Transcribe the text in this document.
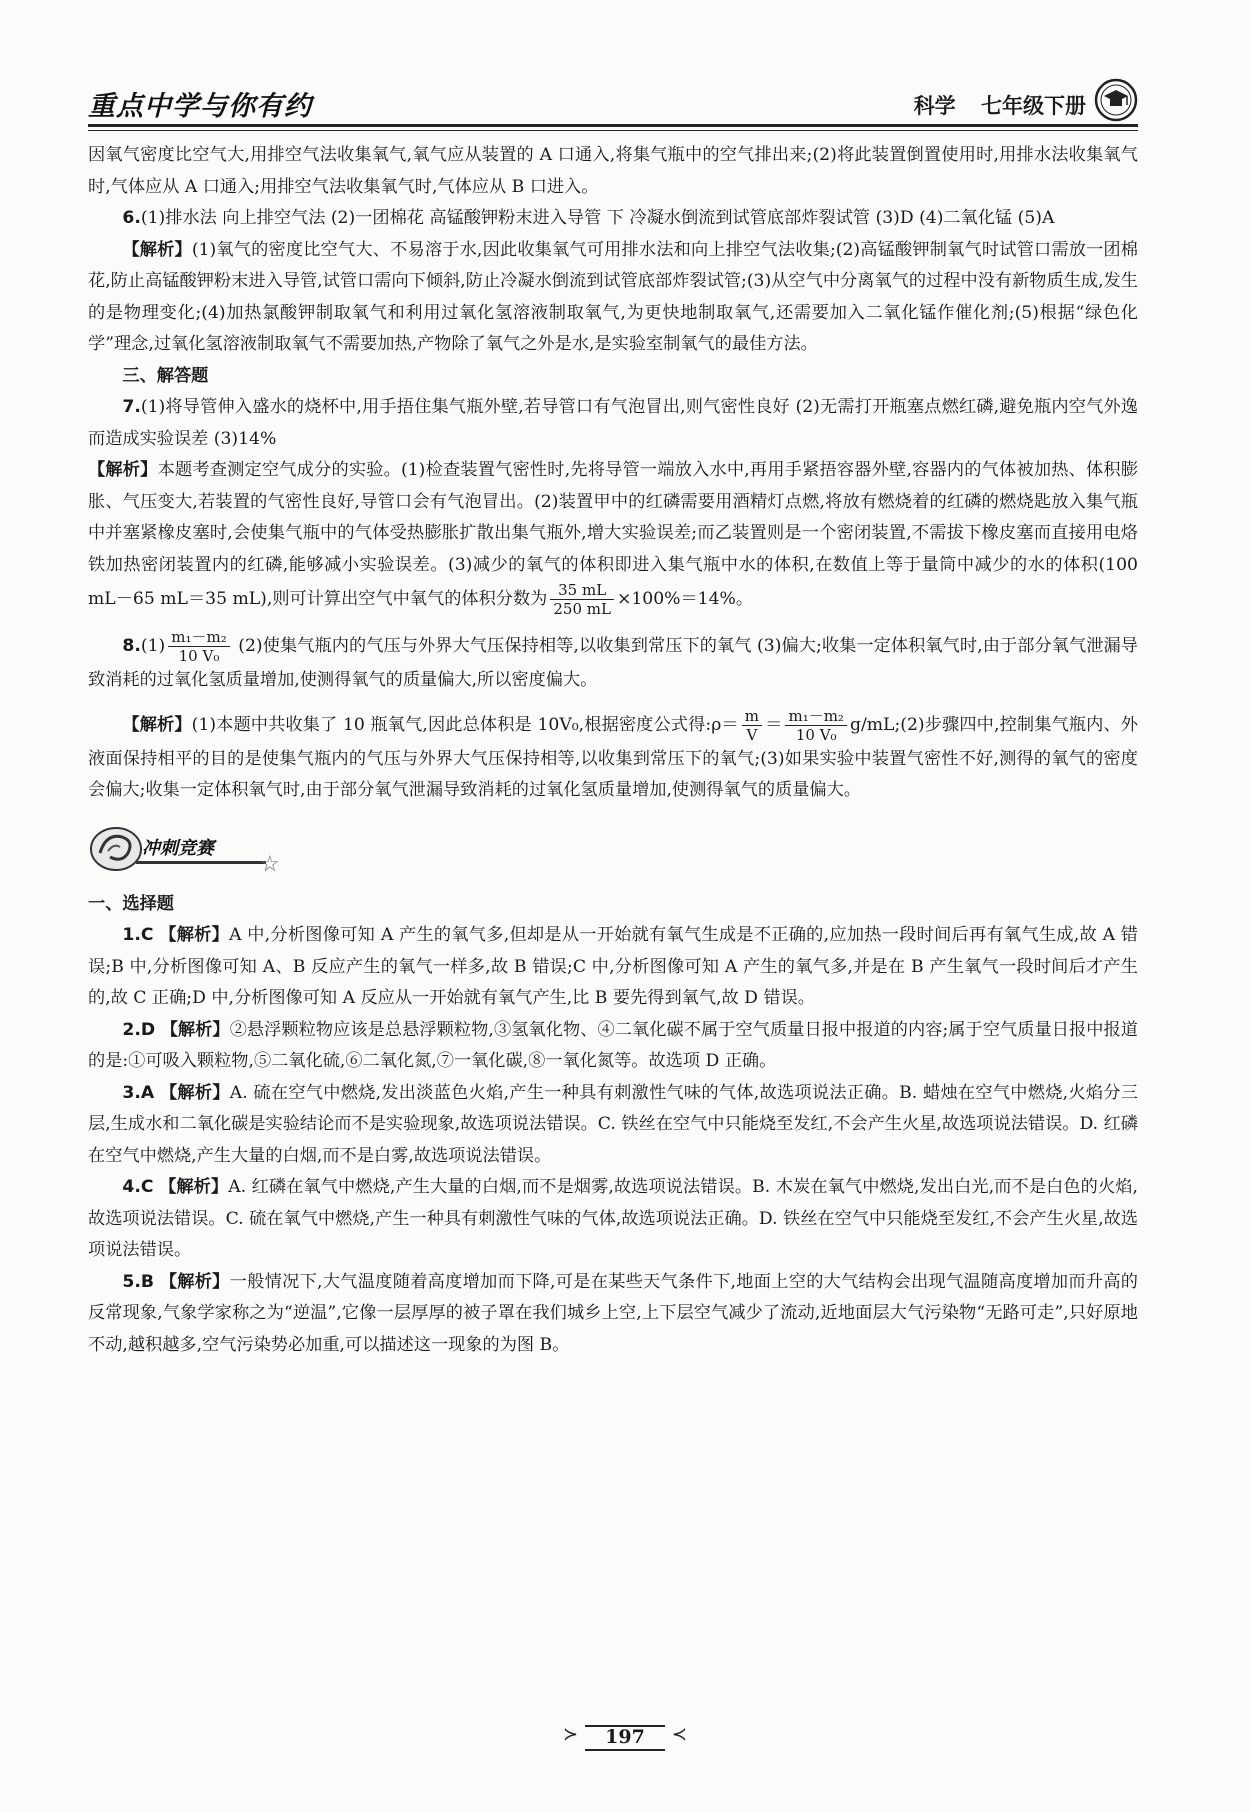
重点中学与你有约	科学 七年级下册

因氧气密度比空气大,用排空气法收集氧气,氧气应从装置的 A 口通入,将集气瓶中的空气排出来;(2)将此装置倒置使用时,用排水法收集氧气时,气体应从 A 口通入;用排空气法收集氧气时,气体应从 B 口进入。

6.(1)排水法 向上排空气法 (2)一团棉花 高锰酸钾粉末进入导管 下 冷凝水倒流到试管底部炸裂试管 (3)D (4)二氧化锰 (5)A

【解析】(1)氧气的密度比空气大、不易溶于水,因此收集氧气可用排水法和向上排空气法收集;(2)高锰酸钾制氧气时试管口需放一团棉花,防止高锰酸钾粉末进入导管,试管口需向下倾斜,防止冷凝水倒流到试管底部炸裂试管;(3)从空气中分离氧气的过程中没有新物质生成,发生的是物理变化;(4)加热氯酸钾制取氧气和利用过氧化氢溶液制取氧气,为更快地制取氧气,还需要加入二氧化锰作催化剂;(5)根据“绿色化学”理念,过氧化氢溶液制取氧气不需要加热,产物除了氧气之外是水,是实验室制氧气的最佳方法。

三、解答题

7.(1)将导管伸入盛水的烧杯中,用手捂住集气瓶外壁,若导管口有气泡冒出,则气密性良好 (2)无需打开瓶塞点燃红磷,避免瓶内空气外逸而造成实验误差 (3)14%

【解析】本题考查测定空气成分的实验。(1)检查装置气密性时,先将导管一端放入水中,再用手紧捂容器外壁,容器内的气体被加热、体积膨胀、气压变大,若装置的气密性良好,导管口会有气泡冒出。(2)装置甲中的红磷需要用酒精灯点燃,将放有燃烧着的红磷的燃烧匙放入集气瓶中并塞紧橡皮塞时,会使集气瓶中的气体受热膨胀扩散出集气瓶外,增大实验误差;而乙装置则是一个密闭装置,不需拔下橡皮塞而直接用电烙铁加热密闭装置内的红磷,能够减小实验误差。(3)减少的氧气的体积即进入集气瓶中水的体积,在数值上等于量筒中减少的水的体积(100 mL－65 mL＝35 mL),则可计算出空气中氧气的体积分数为 $\frac{35 mL}{250 mL} \times 100\%=14\%$。

$8.(1) \frac{\text{m₁－m₂}}{\text{10 V₀}} (2)$使集气瓶内的气压与外界大气压保持相等,以收集到常压下的氧气 (3)偏大;收集一定体积氧气时,由于部分氧气泄漏导致消耗的过氧化氢质量增加,使测得氧气的质量偏大,所以密度偏大。

【解析】(1)本题中共收集了 10 瓶氧气,因此总体积是 10V₀,根据密度公式得:ρ＝ $\frac{m}{V} = \frac{\text{m₁－m₂}}{\text{10 V₀}}$ g/mL;(2)步骤四中,控制集气瓶内、外液面保持相平的目的是使集气瓶内的气压与外界大气压保持相等,以收集到常压下的氧气;(3)如果实验中装置气密性不好,测得的氧气的密度会偏大;收集一定体积氧气时,由于部分氧气泄漏导致消耗的过氧化氢质量增加,使测得氧气的质量偏大。

冲刺竞赛
☆

一、选择题

1.C 【解析】A 中,分析图像可知 A 产生的氧气多,但却是从一开始就有氧气生成是不正确的,应加热一段时间后再有氧气生成,故 A 错误;B 中,分析图像可知 A、B 反应产生的氧气一样多,故 B 错误;C 中,分析图像可知 A 产生的氧气多,并是在 B 产生氧气一段时间后才产生的,故 C 正确;D 中,分析图像可知 A 反应从一开始就有氧气产生,比 B 要先得到氧气,故 D 错误。

2.D 【解析】②悬浮颗粒物应该是总悬浮颗粒物,③氢氧化物、④二氧化碳不属于空气质量日报中报道的内容;属于空气质量日报中报道的是:①可吸入颗粒物,⑤二氧化硫,⑥二氧化氮,⑦一氧化碳,⑧一氧化氮等。故选项 D 正确。

3.A 【解析】A. 硫在空气中燃烧,发出淡蓝色火焰,产生一种具有刺激性气味的气体,故选项说法正确。B. 蜡烛在空气中燃烧,火焰分三层,生成水和二氧化碳是实验结论而不是实验现象,故选项说法错误。C. 铁丝在空气中只能烧至发红,不会产生火星,故选项说法错误。D. 红磷在空气中燃烧,产生大量的白烟,而不是白雾,故选项说法错误。

4.C 【解析】A. 红磷在氧气中燃烧,产生大量的白烟,而不是烟雾,故选项说法错误。B. 木炭在氧气中燃烧,发出白光,而不是白色的火焰,故选项说法错误。C. 硫在氧气中燃烧,产生一种具有刺激性气味的气体,故选项说法正确。D. 铁丝在空气中只能烧至发红,不会产生火星,故选项说法错误。

5.B 【解析】一般情况下,大气温度随着高度增加而下降,可是在某些天气条件下,地面上空的大气结构会出现气温随高度增加而升高的反常现象,气象学家称之为“逆温”,它像一层厚厚的被子罩在我们城乡上空,上下层空气减少了流动,近地面层大气污染物“无路可走”,只好原地不动,越积越多,空气污染势必加重,可以描述这一现象的为图 B。

197
≻	≺
